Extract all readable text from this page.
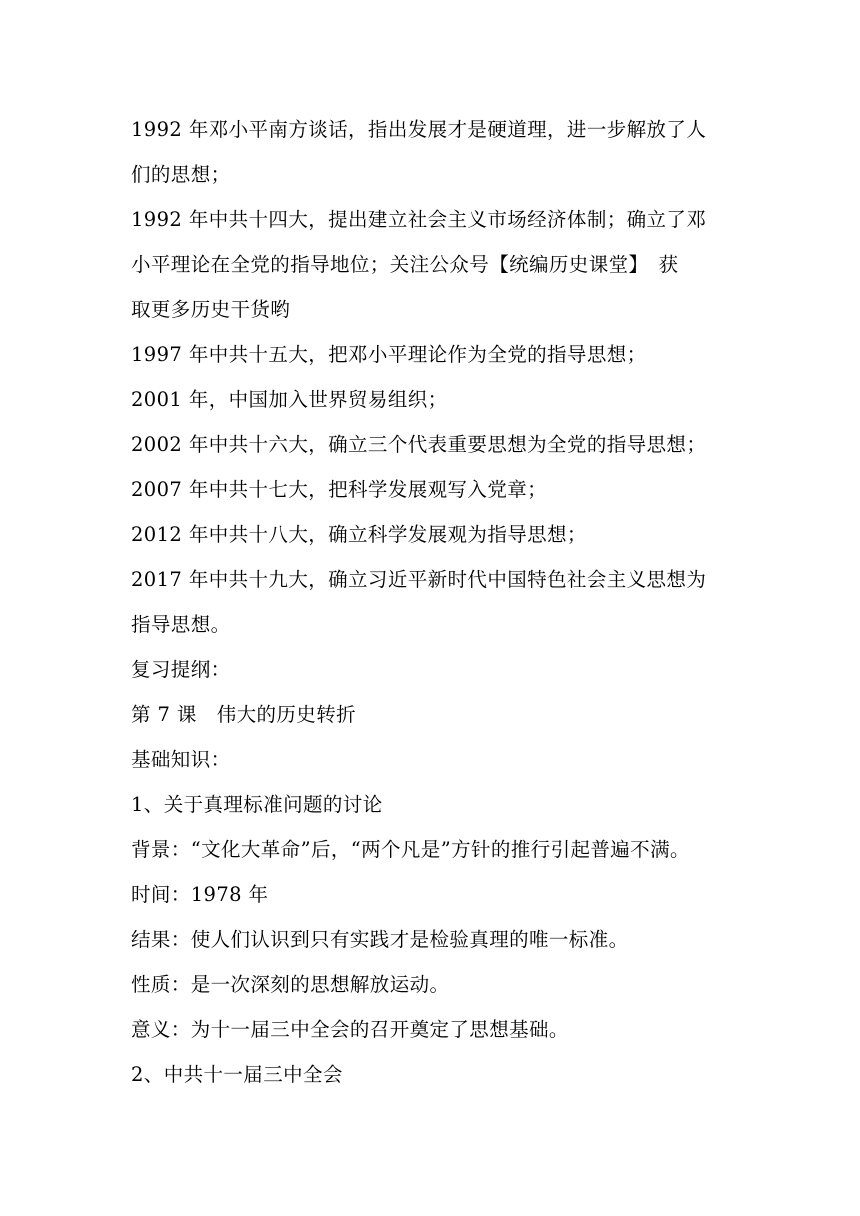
1992 年邓小平南方谈话，指出发展才是硬道理，进一步解放了人
们的思想；
1992 年中共十四大，提出建立社会主义市场经济体制；确立了邓
小平理论在全党的指导地位；关注公众号【统编历史课堂】　获
取更多历史干货哟
1997 年中共十五大，把邓小平理论作为全党的指导思想；
2001 年，中国加入世界贸易组织；
2002 年中共十六大，确立三个代表重要思想为全党的指导思想；
2007 年中共十七大，把科学发展观写入党章；
2012 年中共十八大，确立科学发展观为指导思想；
2017 年中共十九大，确立习近平新时代中国特色社会主义思想为
指导思想。
复习提纲：
第 7 课　伟大的历史转折
基础知识：
1、关于真理标准问题的讨论
背景：“文化大革命”后，“两个凡是”方针的推行引起普遍不满。
时间：1978 年
结果：使人们认识到只有实践才是检验真理的唯一标准。
性质：是一次深刻的思想解放运动。
意义：为十一届三中全会的召开奠定了思想基础。
2、中共十一届三中全会
